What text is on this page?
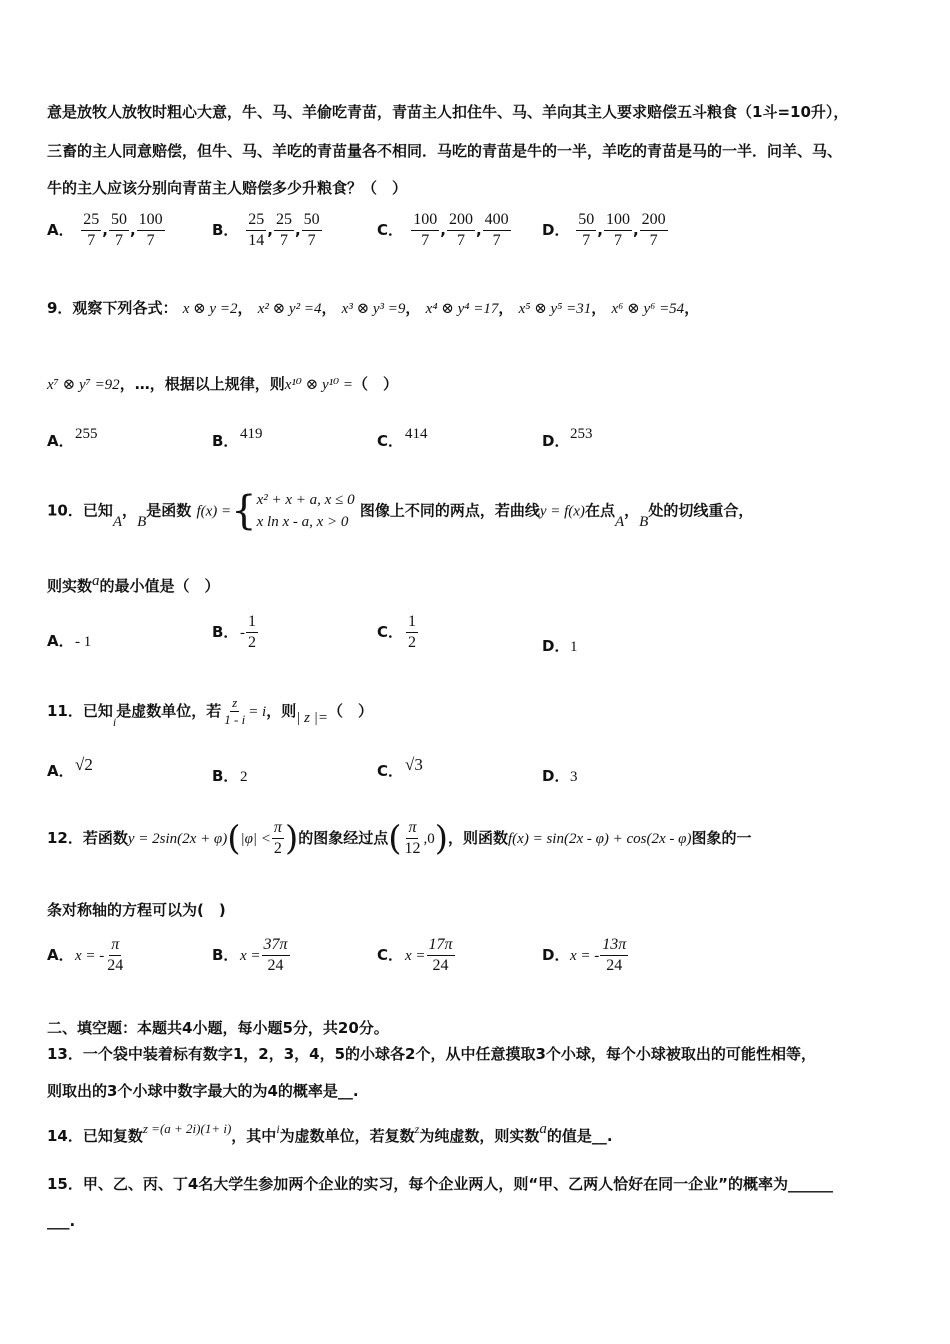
意是放牧人放牧时粗心大意，牛、马、羊偷吃青苗，青苗主人扣住牛、马、羊向其主人要求赔偿五斗粮食（1斗=10升），
三畜的主人同意赔偿，但牛、马、羊吃的青苗量各不相同．马吃的青苗是牛的一半，羊吃的青苗是马的一半．问羊、马、
牛的主人应该分别向青苗主人赔偿多少升粮食？（　）
A． $\frac{25}{7}$ , $\frac{50}{7}$ , $\frac{100}{7}$	B． $\frac{25}{14}$ , $\frac{25}{7}$ , $\frac{50}{7}$	C． $\frac{100}{7}$ , $\frac{200}{7}$ , $\frac{400}{7}$ D． $\frac{50}{7}$ , $\frac{100}{7}$ , $\frac{200}{7}$
9．观察下列各式： x ⊗ y =2， x² ⊗ y² =4， x³ ⊗ y³ =9， x⁴ ⊗ y⁴ =17， x⁵ ⊗ y⁵ =31， x⁶ ⊗ y⁶ =54，
x⁷ ⊗ y⁷ =92，…，根据以上规律，则x¹⁰ ⊗ y¹⁰ =（　）
A．255	B． 419	C． 414	D．253
10．已知A，B是函数 f(x) ={x² + x + a, x ≤ 0
x ln x - a, x > 0 图像上不同的两点，若曲线y = f(x)在点A，B处的切线重合，
则实数a的最小值是（　）
A．- 1
B． - $\frac{1}{2}$	C． $\frac{1}{2}$	D．1
11．已知$_i$是虚数单位，若 $\frac{z}{1 - i} = i$，则| z |=（　）
A．√2
B． 2	C． √3
D．3
12．若函数$y = 2\sin(2x + \varphi)(|\varphi| < \frac{\pi}{2}$ )的图象经过点( $\frac{\pi}{12} ,0$)，则函数f(x) = sin(2x - φ) + cos(2x - φ)图象的一
条对称轴的方程可以为(　)
A．x = - $\frac{\pi}{24}$	B． $x = \frac{37\pi}{24}$	C． $x = \frac{17\pi}{24}$	D．x = - $\frac{13\pi}{24}$
二、填空题：本题共4小题，每小题5分，共20分。
13．一个袋中装着标有数字1，2，3，4，5的小球各2个，从中任意摸取3个小球，每个小球被取出的可能性相等，
则取出的3个小球中数字最大的为4的概率是__.
14．已知复数z =(a + 2i)(1+ i)，其中$^i$为虚数单位，若复数$^z$为纯虚数，则实数a的值是__.
15．甲、乙、丙、丁4名大学生参加两个企业的实习，每个企业两人，则“甲、乙两人恰好在同一企业”的概率为______
___.
